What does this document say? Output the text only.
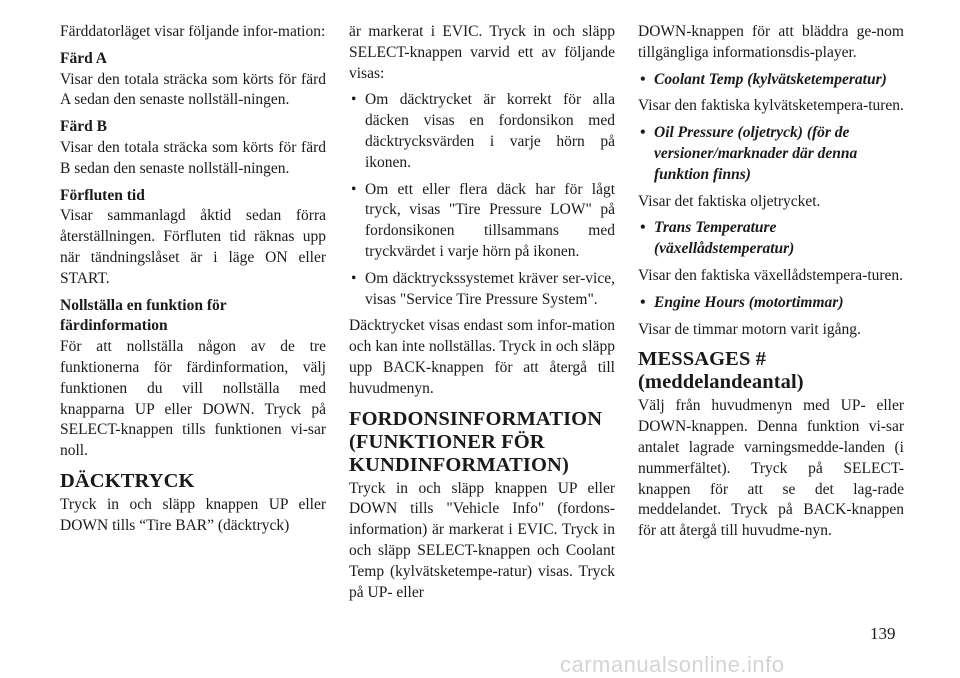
Färddatorläget visar följande infor-mation:

Färd A

Visar den totala sträcka som körts för färd A sedan den senaste nollställ-ningen.

Färd B

Visar den totala sträcka som körts för färd B sedan den senaste nollställ-ningen.

Förfluten tid

Visar sammanlagd åktid sedan förra återställningen. Förfluten tid räknas upp när tändningslåset är i läge ON eller START.

Nollställa en funktion för färdinformation

För att nollställa någon av de tre funktionerna för färdinformation, välj funktionen du vill nollställa med knapparna UP eller DOWN. Tryck på SELECT-knappen tills funktionen vi-sar noll.

DÄCKTRYCK

Tryck in och släpp knappen UP eller DOWN tills “Tire BAR” (däcktryck)

är markerat i EVIC. Tryck in och släpp SELECT-knappen varvid ett av följande visas:

• Om däcktrycket är korrekt för alla däcken visas en fordonsikon med däcktrycksvärden i varje hörn på ikonen.
• Om ett eller flera däck har för lågt tryck, visas "Tire Pressure LOW" på fordonsikonen tillsammans med tryckvärdet i varje hörn på ikonen.
• Om däcktryckssystemet kräver ser-vice, visas "Service Tire Pressure System".

Däcktrycket visas endast som infor-mation och kan inte nollställas. Tryck in och släpp upp BACK-knappen för att återgå till huvudmenyn.

FORDONSINFORMATION (FUNKTIONER FÖR KUNDINFORMATION)

Tryck in och släpp knappen UP eller DOWN tills "Vehicle Info" (fordons-information) är markerat i EVIC. Tryck in och släpp SELECT-knappen och Coolant Temp (kylvätsketempe-ratur) visas. Tryck på UP- eller

DOWN-knappen för att bläddra ge-nom tillgängliga informationsdis-player.

• Coolant Temp (kylvätsketemperatur)

Visar den faktiska kylvätsketempera-turen.

• Oil Pressure (oljetryck) (för de versioner/marknader där denna funktion finns)

Visar det faktiska oljetrycket.

• Trans Temperature (växellådstemperatur)

Visar den faktiska växellådstempera-turen.

• Engine Hours (motortimmar)

Visar de timmar motorn varit igång.

MESSAGES # (meddelandeantal)

Välj från huvudmenyn med UP- eller DOWN-knappen. Denna funktion vi-sar antalet lagrade varningsmedde-landen (i nummerfältet). Tryck på SELECT-knappen för att se det lag-rade meddelandet. Tryck på BACK-knappen för att återgå till huvudme-nyn.

139
carmanualsonline.info
